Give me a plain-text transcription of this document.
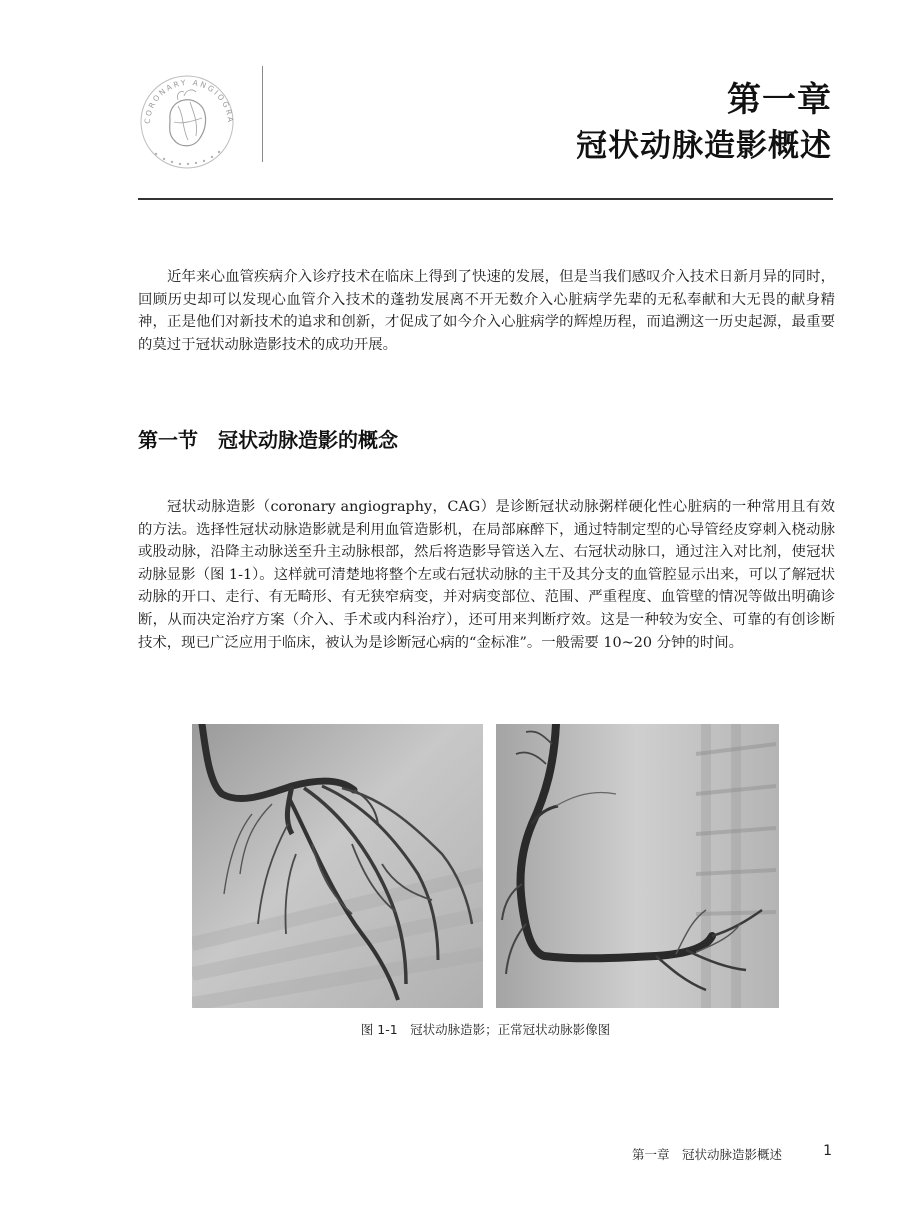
CORONARY ANGIOGRA
第一章
冠状动脉造影概述

近年来心血管疾病介入诊疗技术在临床上得到了快速的发展，但是当我们感叹介入技术日新月异的同时，回顾历史却可以发现心血管介入技术的蓬勃发展离不开无数介入心脏病学先辈的无私奉献和大无畏的献身精神，正是他们对新技术的追求和创新，才促成了如今介入心脏病学的辉煌历程，而追溯这一历史起源，最重要的莫过于冠状动脉造影技术的成功开展。

第一节　冠状动脉造影的概念

冠状动脉造影（coronary angiography，CAG）是诊断冠状动脉粥样硬化性心脏病的一种常用且有效的方法。选择性冠状动脉造影就是利用血管造影机，在局部麻醉下，通过特制定型的心导管经皮穿刺入桡动脉或股动脉，沿降主动脉送至升主动脉根部，然后将造影导管送入左、右冠状动脉口，通过注入对比剂，使冠状动脉显影（图 1-1）。这样就可清楚地将整个左或右冠状动脉的主干及其分支的血管腔显示出来，可以了解冠状动脉的开口、走行、有无畸形、有无狭窄病变，并对病变部位、范围、严重程度、血管壁的情况等做出明确诊断，从而决定治疗方案（介入、手术或内科治疗），还可用来判断疗效。这是一种较为安全、可靠的有创诊断技术，现已广泛应用于临床，被认为是诊断冠心病的“金标准”。一般需要 10~20 分钟的时间。

图 1-1　冠状动脉造影；正常冠状动脉影像图
第一章　冠状动脉造影概述	1
